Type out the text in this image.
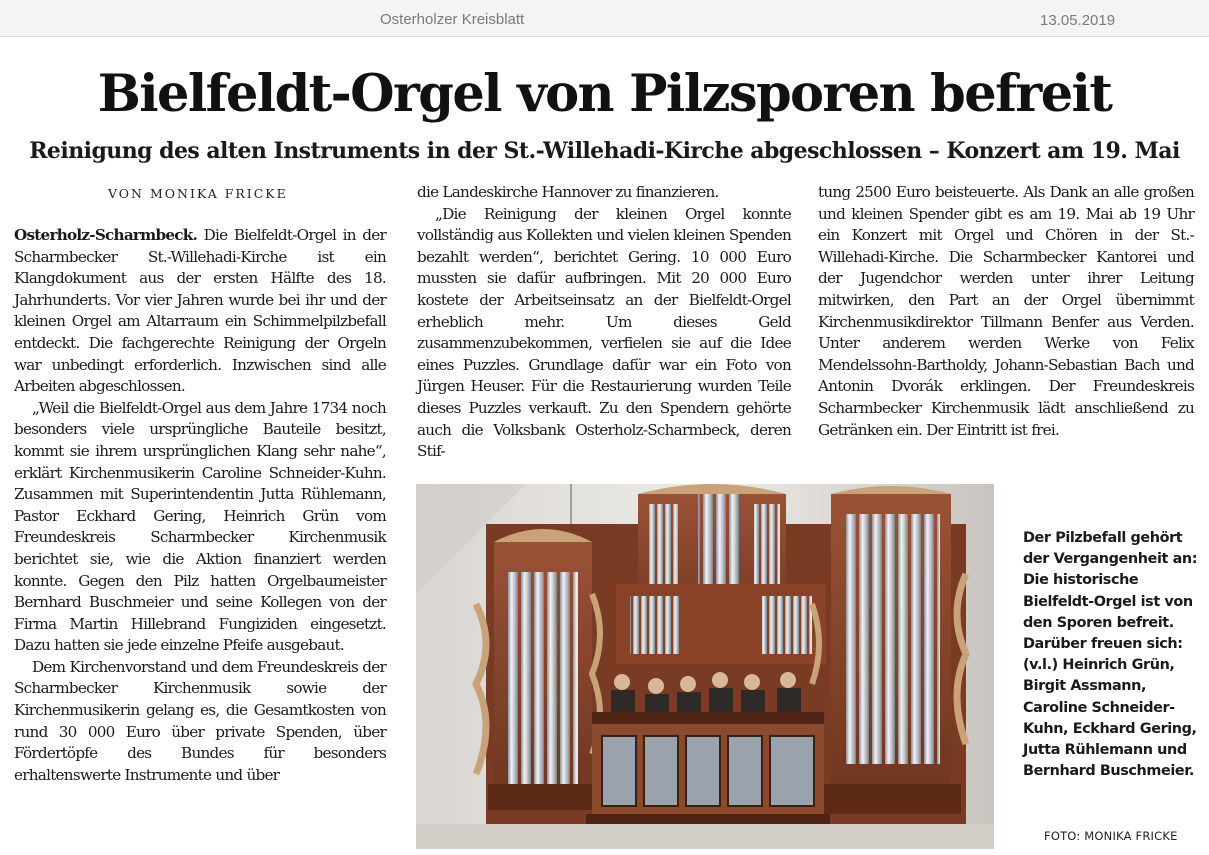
Osterholzer Kreisblatt	13.05.2019
Bielfeldt-Orgel von Pilzsporen befreit
Reinigung des alten Instruments in der St.-Willehadi-Kirche abgeschlossen – Konzert am 19. Mai
VON MONIKA FRICKE

Osterholz-Scharmbeck. Die Bielfeldt-Orgel in der Scharmbecker St.-Willehadi-Kirche ist ein Klangdokument aus der ersten Hälfte des 18. Jahrhunderts. Vor vier Jahren wurde bei ihr und der kleinen Orgel am Altarraum ein Schimmelpilzbefall entdeckt. Die fachgerechte Reinigung der Orgeln war unbedingt erforderlich. Inzwischen sind alle Arbeiten abgeschlossen.

„Weil die Bielfeldt-Orgel aus dem Jahre 1734 noch besonders viele ursprüngliche Bauteile besitzt, kommt sie ihrem ursprünglichen Klang sehr nahe“, erklärt Kirchenmusikerin Caroline Schneider-Kuhn. Zusammen mit Superintendentin Jutta Rühlemann, Pastor Eckhard Gering, Heinrich Grün vom Freundeskreis Scharmbecker Kirchenmusik berichtet sie, wie die Aktion finanziert werden konnte. Gegen den Pilz hatten Orgelbaumeister Bernhard Buschmeier und seine Kollegen von der Firma Martin Hillebrand Fungiziden eingesetzt. Dazu hatten sie jede einzelne Pfeife ausgebaut.

Dem Kirchenvorstand und dem Freundeskreis der Scharmbecker Kirchenmusik sowie der Kirchenmusikerin gelang es, die Gesamtkosten von rund 30 000 Euro über private Spenden, über Fördertöpfe des Bundes für besonders erhaltenswerte Instrumente und über

die Landeskirche Hannover zu finanzieren.

„Die Reinigung der kleinen Orgel konnte vollständig aus Kollekten und vielen kleinen Spenden bezahlt werden“, berichtet Gering. 10 000 Euro mussten sie dafür aufbringen. Mit 20 000 Euro kostete der Arbeitseinsatz an der Bielfeldt-Orgel erheblich mehr. Um dieses Geld zusammenzubekommen, verfielen sie auf die Idee eines Puzzles. Grundlage dafür war ein Foto von Jürgen Heuser. Für die Restaurierung wurden Teile dieses Puzzles verkauft. Zu den Spendern gehörte auch die Volksbank Osterholz-Scharmbeck, deren Stif-

tung 2500 Euro beisteuerte. Als Dank an alle großen und kleinen Spender gibt es am 19. Mai ab 19 Uhr ein Konzert mit Orgel und Chören in der St.-Willehadi-Kirche. Die Scharmbecker Kantorei und der Jugendchor werden unter ihrer Leitung mitwirken, den Part an der Orgel übernimmt Kirchenmusikdirektor Tillmann Benfer aus Verden. Unter anderem werden Werke von Felix Mendelssohn-Bartholdy, Johann-Sebastian Bach und Antonin Dvorák erklingen. Der Freundeskreis Scharmbecker Kirchenmusik lädt anschließend zu Getränken ein. Der Eintritt ist frei.

Der Pilzbefall gehört der Vergangenheit an: Die historische Bielfeldt-Orgel ist von den Sporen befreit. Darüber freuen sich: (v.l.) Heinrich Grün, Birgit Assmann, Caroline Schneider-Kuhn, Eckhard Gering, Jutta Rühlemann und Bernhard Buschmeier.
FOTO: MONIKA FRICKE
